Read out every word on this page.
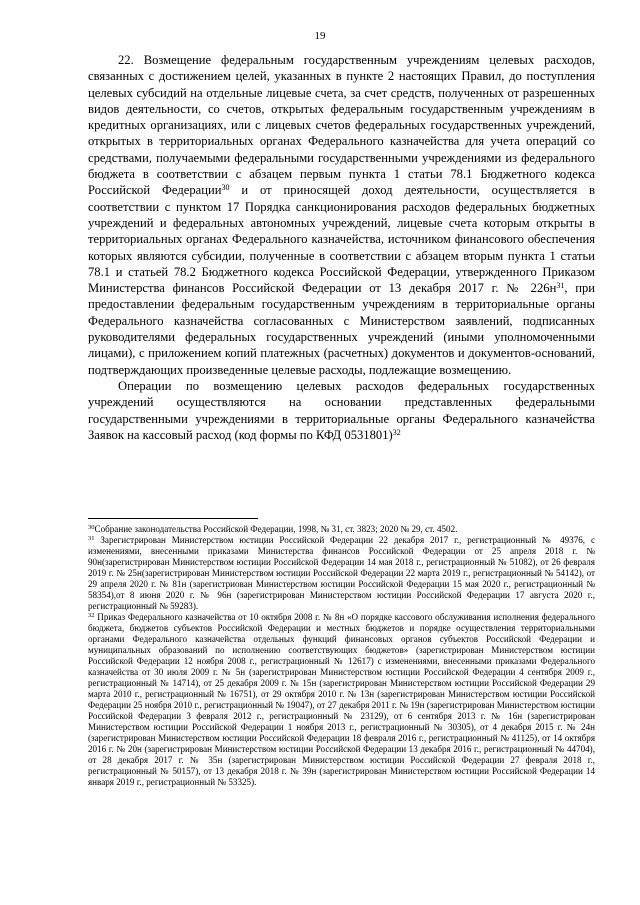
19

22. Возмещение федеральным государственным учреждениям целевых расходов, связанных с достижением целей, указанных в пункте 2 настоящих Правил, до поступления целевых субсидий на отдельные лицевые счета, за счет средств, полученных от разрешенных видов деятельности, со счетов, открытых федеральным государственным учреждениям в кредитных организациях, или с лицевых счетов федеральных государственных учреждений, открытых в территориальных органах Федерального казначейства для учета операций со средствами, получаемыми федеральными государственными учреждениями из федерального бюджета в соответствии с абзацем первым пункта 1 статьи 78.1 Бюджетного кодекса Российской Федерации$^{30}$ и от приносящей доход деятельности, осуществляется в соответствии с пунктом 17 Порядка санкционирования расходов федеральных бюджетных учреждений и федеральных автономных учреждений, лицевые счета которым открыты в территориальных органах Федерального казначейства, источником финансового обеспечения которых являются субсидии, полученные в соответствии с абзацем вторым пункта 1 статьи 78.1 и статьей 78.2 Бюджетного кодекса Российской Федерации, утвержденного Приказом Министерства финансов Российской Федерации от 13 декабря 2017 г. № $226н^{31}$, при предоставлении федеральным государственным учреждениям в территориальные органы Федерального казначейства согласованных с Министерством заявлений, подписанных руководителями федеральных государственных учреждений (иными уполномоченными лицами), с приложением копий платежных (расчетных) документов и документов-оснований, подтверждающих произведенные целевые расходы, подлежащие возмещению.

Операции по возмещению целевых расходов федеральных государственных учреждений осуществляются на основании представленных федеральными государственными учреждениями в территориальные органы Федерального казначейства Заявок на кассовый расход (код формы по КФД 0531801)$^{32}$

$^{30}$Собрание законодательства Российской Федерации, 1998, № 31, ст. 3823; 2020 № 29, ст. 4502.

$^{31}$ Зарегистрирован Министерством юстиции Российской Федерации 22 декабря 2017 г., регистрационный № 49376, с изменениями, внесенными приказами Министерства финансов Российской Федерации от 25 апреля 2018 г. № 90н(зарегистрирован Министерством юстиции Российской Федерации 14 мая 2018 г., регистрационный № 51082), от 26 февраля 2019 г. № 25н(зарегистрирован Министерством юстиции Российской Федерации 22 марта 2019 г., регистрационный № 54142), от 29 апреля 2020 г. № 81н (зарегистриован Министерством юстиции Российской Федерации 15 мая 2020 г., регистрационный № 58354),от 8 июня 2020 г. № 96н (зарегистрирован Министерством юстиции Российской Федерации 17 августа 2020 г., регистрационный № 59283).

$^{32}$ Приказ Федерального казначейства от 10 октября 2008 г. № 8н «О порядке кассового обслуживания исполнения федерального бюджета, бюджетов субъектов Российской Федерации и местных бюджетов и порядке осуществления территориальными органами Федерального казначейства отдельных функций финансовых органов субъектов Российской Федерации и муниципальных образований по исполнению соответствующих бюджетов» (зарегистрирован Министерством юстиции Российской Федерации 12 ноября 2008 г., регистрационный № 12617) с изменениями, внесенными приказами Федерального казначейства от 30 июля 2009 г. № 5н (зарегистрирован Министерством юстиции Российской Федерации 4 сентября 2009 г., регистрационный № 14714), от 25 декабря 2009 г. № 15н (зарегистрирован Министерством юстиции Российской Федерации 29 марта 2010 г., регистрационный № 16751), от 29 октября 2010 г. № 13н (зарегистрирован Министерством юстиции Российской Федерации 25 ноября 2010 г., регистрационный № 19047), от 27 декабря 2011 г. № 19н (зарегистрирован Министерством юстиции Российской Федерации 3 февраля 2012 г., регистрационный № 23129), от 6 сентября 2013 г. № 16н (зарегистрирован Министерством юстиции Российской Федерации 1 ноября 2013 г., регистрационный № 30305), от 4 декабря 2015 г. № 24н (зарегистрирован Министерством юстиции Российской Федерации 18 февраля 2016 г., регистрационный № 41125), от 14 октября 2016 г. № 20н (зарегистрирован Министерством юстиции Российской Федерации 13 декабря 2016 г., регистрационный № 44704), от 28 декабря 2017 г. № 35н (зарегистрирован Министерством юстиции Российской Федерации 27 февраля 2018 г., регистрационный № 50157), от 13 декабря 2018 г. № 39н (зарегистрирован Министерством юстиции Российской Федерации 14 января 2019 г., регистрационный № 53325).
